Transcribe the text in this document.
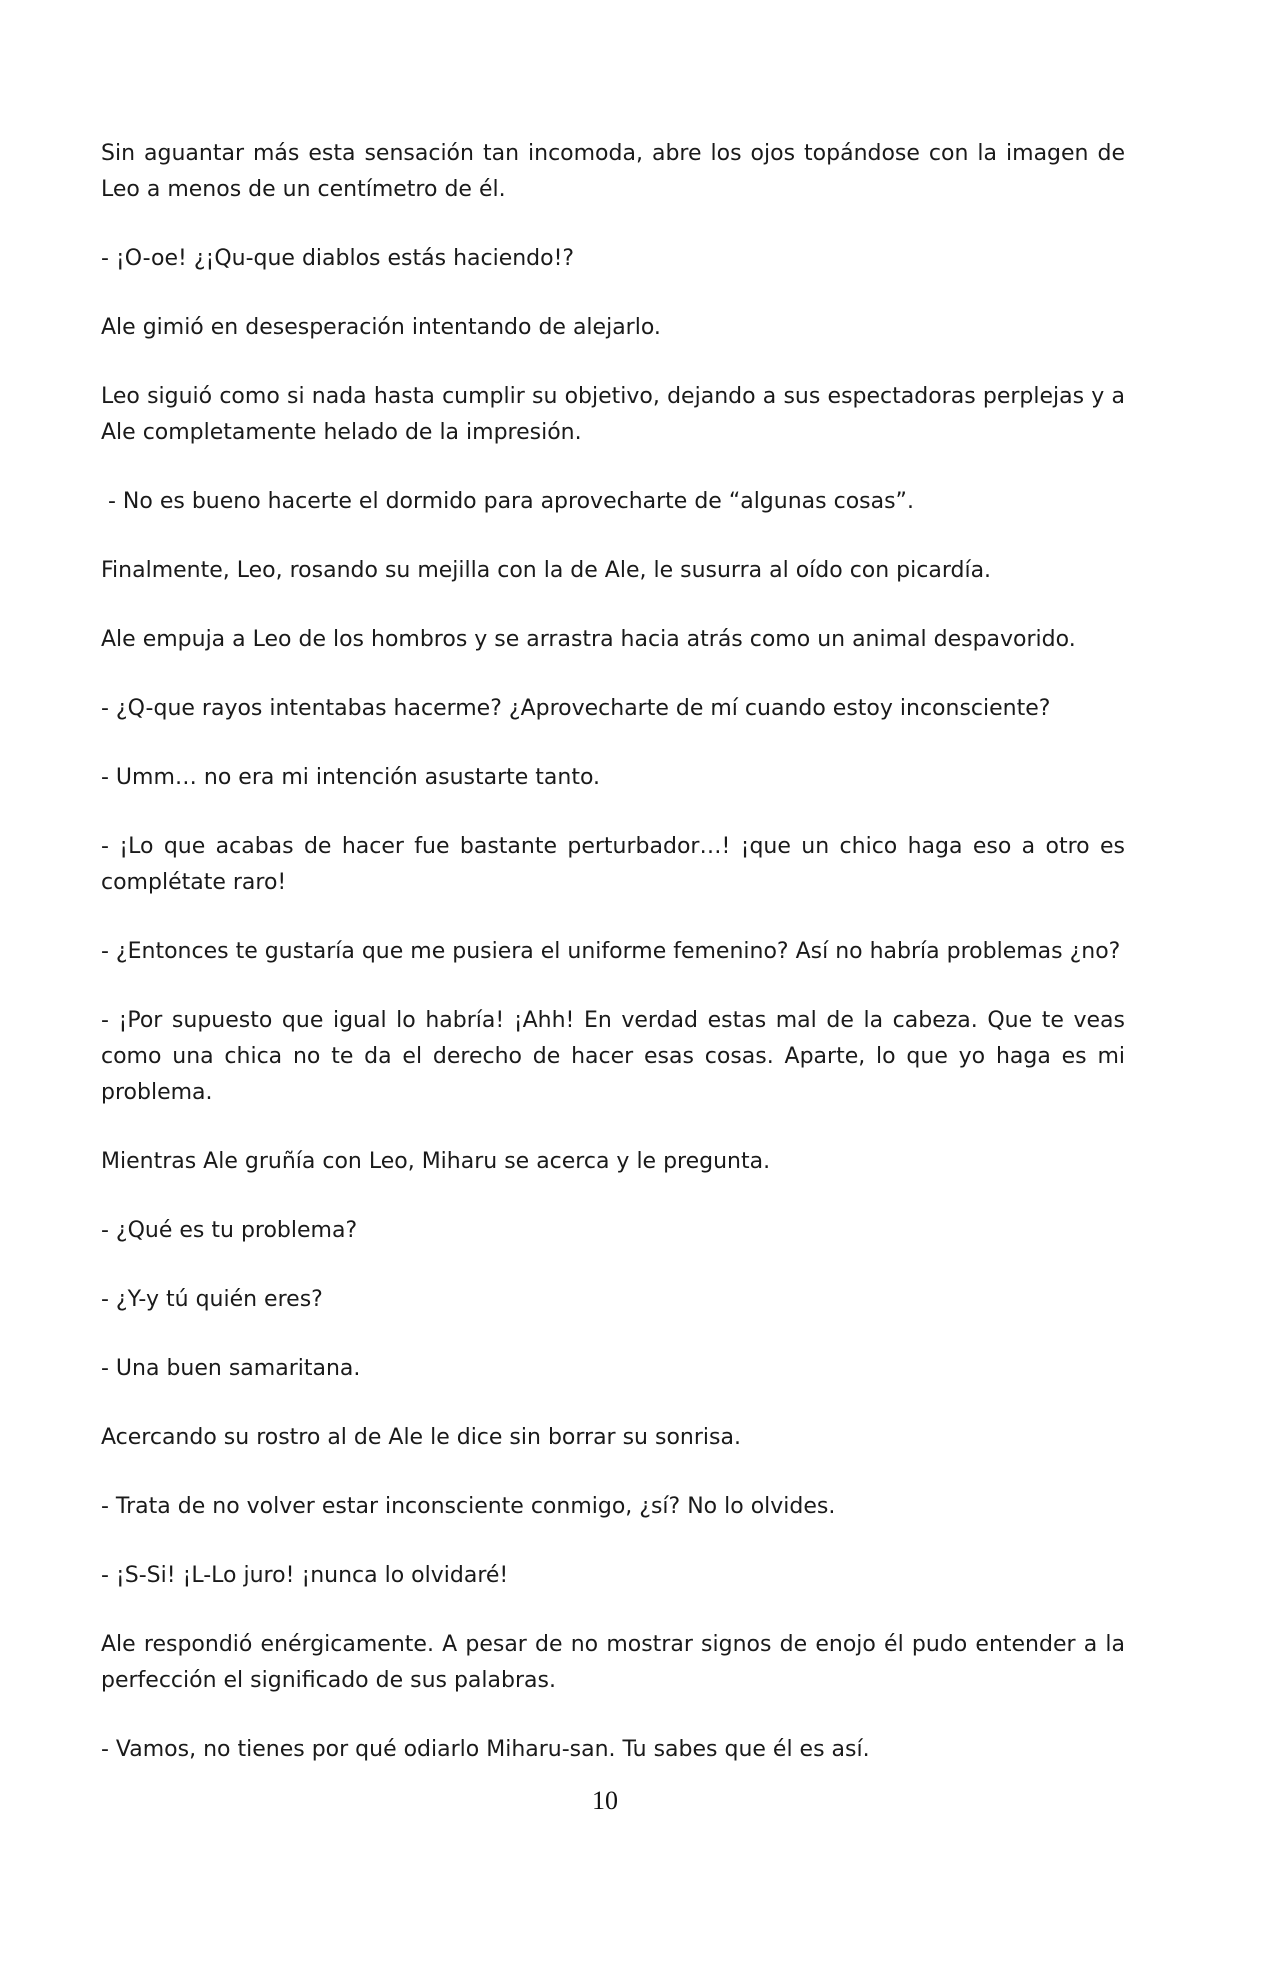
Sin aguantar más esta sensación tan incomoda, abre los ojos topándose con la imagen de Leo a menos de un centímetro de él.

- ¡O-oe! ¿¡Qu-que diablos estás haciendo!?

Ale gimió en desesperación intentando de alejarlo.

Leo siguió como si nada hasta cumplir su objetivo, dejando a sus espectadoras perplejas y a Ale completamente helado de la impresión.

- No es bueno hacerte el dormido para aprovecharte de “algunas cosas”.

Finalmente, Leo, rosando su mejilla con la de Ale, le susurra al oído con picardía.

Ale empuja a Leo de los hombros y se arrastra hacia atrás como un animal despavorido.

- ¿Q-que rayos intentabas hacerme? ¿Aprovecharte de mí cuando estoy inconsciente?

- Umm… no era mi intención asustarte tanto.

- ¡Lo que acabas de hacer fue bastante perturbador…! ¡que un chico haga eso a otro es complétate raro!

- ¿Entonces te gustaría que me pusiera el uniforme femenino? Así no habría problemas ¿no?

- ¡Por supuesto que igual lo habría! ¡Ahh! En verdad estas mal de la cabeza. Que te veas como una chica no te da el derecho de hacer esas cosas. Aparte, lo que yo haga es mi problema.

Mientras Ale gruñía con Leo, Miharu se acerca y le pregunta.

- ¿Qué es tu problema?

- ¿Y-y tú quién eres?

- Una buen samaritana.

Acercando su rostro al de Ale le dice sin borrar su sonrisa.

- Trata de no volver estar inconsciente conmigo, ¿sí? No lo olvides.

- ¡S-Si! ¡L-Lo juro! ¡nunca lo olvidaré!

Ale respondió enérgicamente. A pesar de no mostrar signos de enojo él pudo entender a la perfección el significado de sus palabras.

- Vamos, no tienes por qué odiarlo Miharu-san. Tu sabes que él es así.

10
